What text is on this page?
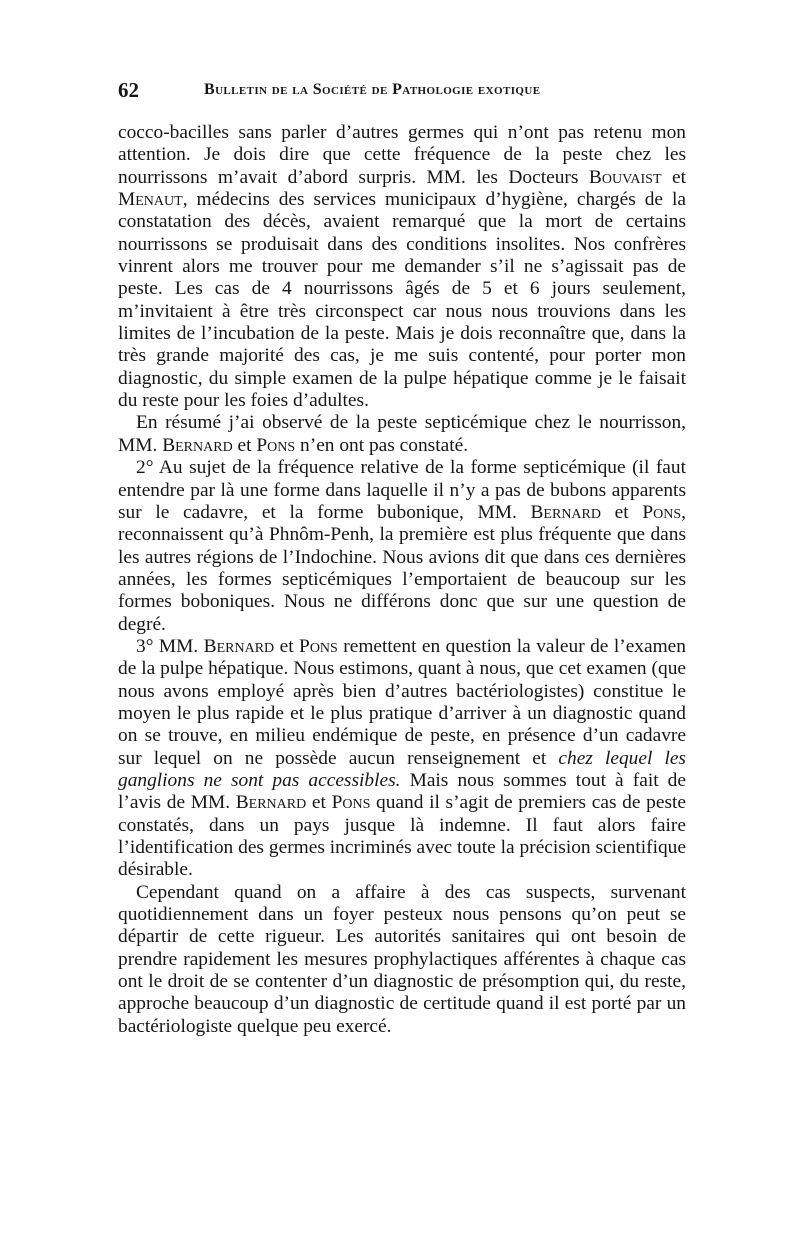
62	Bulletin de la Société de Pathologie exotique

cocco-bacilles sans parler d’autres germes qui n’ont pas retenu mon attention. Je dois dire que cette fréquence de la peste chez les nourrissons m’avait d’abord surpris. MM. les Docteurs Bouvaist et Menaut, médecins des services municipaux d’hygiène, chargés de la constatation des décès, avaient remarqué que la mort de certains nourrissons se produisait dans des conditions insolites. Nos confrères vinrent alors me trouver pour me demander s’il ne s’agissait pas de peste. Les cas de 4 nourrissons âgés de 5 et 6 jours seulement, m’invitaient à être très circonspect car nous nous trouvions dans les limites de l’incubation de la peste. Mais je dois reconnaître que, dans la très grande majorité des cas, je me suis contenté, pour porter mon diagnostic, du simple examen de la pulpe hépatique comme je le faisait du reste pour les foies d’adultes.

En résumé j’ai observé de la peste septicémique chez le nourrisson, MM. Bernard et Pons n’en ont pas constaté.

2° Au sujet de la fréquence relative de la forme septicémique (il faut entendre par là une forme dans laquelle il n’y a pas de bubons apparents sur le cadavre, et la forme bubonique, MM. Bernard et Pons, reconnaissent qu’à Phnôm-Penh, la première est plus fréquente que dans les autres régions de l’Indochine. Nous avions dit que dans ces dernières années, les formes septicémiques l’emportaient de beaucoup sur les formes boboniques. Nous ne différons donc que sur une question de degré.

3° MM. Bernard et Pons remettent en question la valeur de l’examen de la pulpe hépatique. Nous estimons, quant à nous, que cet examen (que nous avons employé après bien d’autres bactériologistes) constitue le moyen le plus rapide et le plus pratique d’arriver à un diagnostic quand on se trouve, en milieu endémique de peste, en présence d’un cadavre sur lequel on ne possède aucun renseignement et chez lequel les ganglions ne sont pas accessibles. Mais nous sommes tout à fait de l’avis de MM. Bernard et Pons quand il s’agit de premiers cas de peste constatés, dans un pays jusque là indemne. Il faut alors faire l’identification des germes incriminés avec toute la précision scientifique désirable.

Cependant quand on a affaire à des cas suspects, survenant quotidiennement dans un foyer pesteux nous pensons qu’on peut se départir de cette rigueur. Les autorités sanitaires qui ont besoin de prendre rapidement les mesures prophylactiques afférentes à chaque cas ont le droit de se contenter d’un diagnostic de présomption qui, du reste, approche beaucoup d’un diagnostic de certitude quand il est porté par un bactériologiste quelque peu exercé.
